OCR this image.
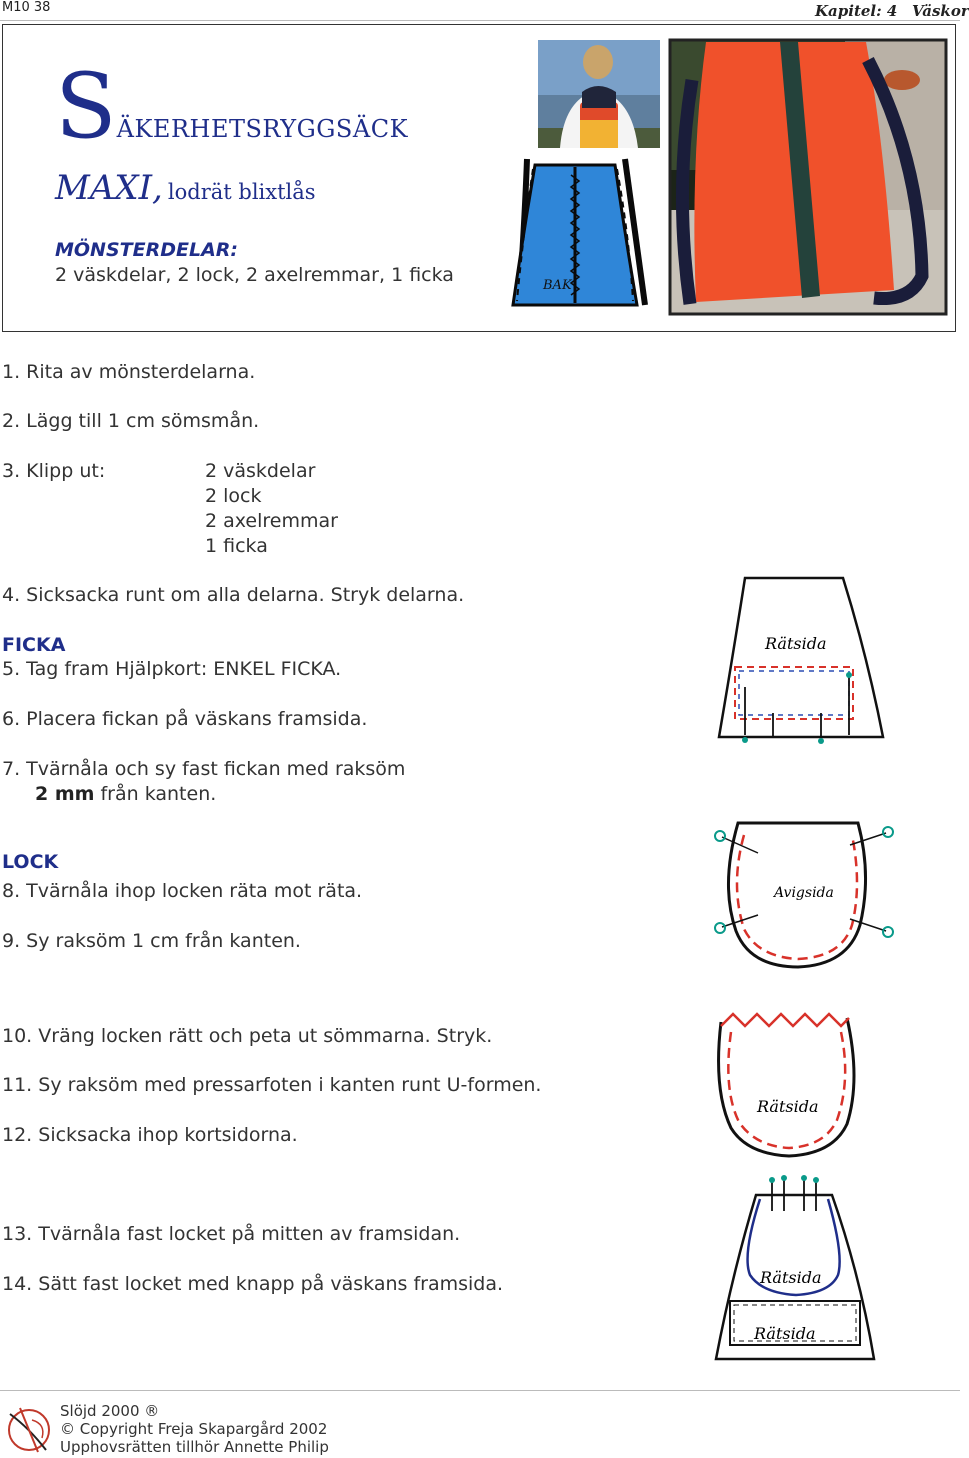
M10 38	Kapitel: 4 Väskor
Säkerhetsryggsäck
MAXI, lodrät blixtlås
MÖNSTERDELAR:
2 väskdelar, 2 lock, 2 axelremmar, 1 ficka	BAK
1. Rita av mönsterdelarna.
2. Lägg till 1 cm sömsmån.
3. Klipp ut:	2 väskdelar
2 lock
2 axelremmar
1 ficka
4. Sicksacka runt om alla delarna. Stryk delarna.
FICKA
5. Tag fram Hjälpkort: ENKEL FICKA.
6. Placera fickan på väskans framsida.
7. Tvärnåla och sy fast fickan med raksöm
2 mm från kanten.
LOCK
8. Tvärnåla ihop locken räta mot räta.
9. Sy raksöm 1 cm från kanten.
10. Vräng locken rätt och peta ut sömmarna. Stryk.
11. Sy raksöm med pressarfoten i kanten runt U-formen.
12. Sicksacka ihop kortsidorna.
13. Tvärnåla fast locket på mitten av framsidan.
14. Sätt fast locket med knapp på väskans framsida.
Rätsida
Avigsida
Rätsida
Rätsida
Rätsida
Slöjd 2000 ®
© Copyright Freja Skapargård 2002
Upphovsrätten tillhör Annette Philip
